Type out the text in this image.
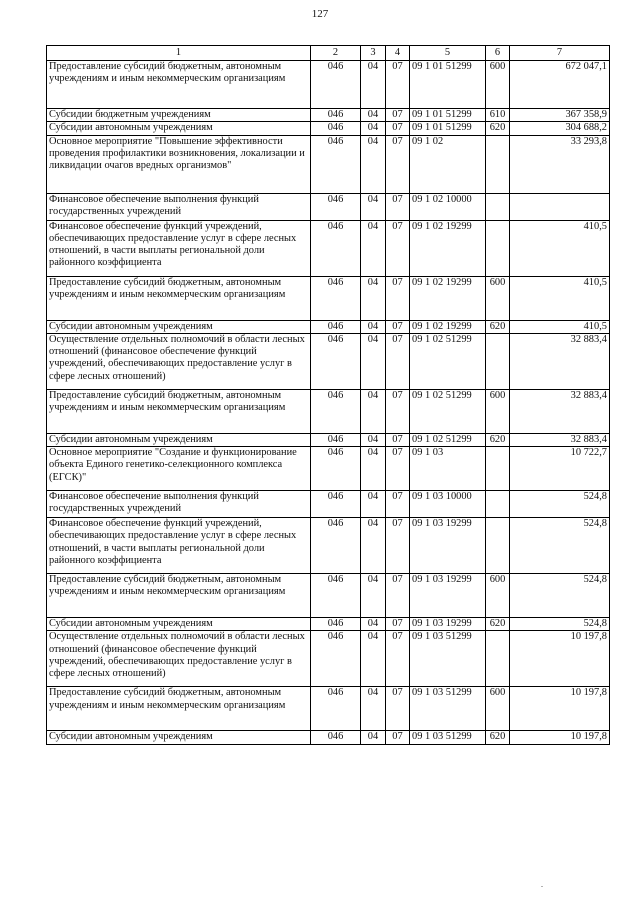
127
1	2	3	4	5	6	7
Предоставление субсидий бюджетным, автономным учреждениям и иным некоммерческим организациям	046	04	07	09 1 01 51299	600	672 047,1
Субсидии бюджетным учреждениям	046	04	07	09 1 01 51299	610	367 358,9
Субсидии автономным учреждениям	046	04	07	09 1 01 51299	620	304 688,2
Основное мероприятие "Повышение эффективности проведения профилактики возникновения, локализации и ликвидации очагов вредных организмов"	046	04	07	09 1 02		33 293,8
Финансовое обеспечение выполнения функций государственных учреждений	046	04	07	09 1 02 10000		
Финансовое обеспечение функций учреждений, обеспечивающих предоставление услуг в сфере лесных отношений, в части выплаты региональной доли районного коэффициента	046	04	07	09 1 02 19299		410,5
Предоставление субсидий бюджетным, автономным учреждениям и иным некоммерческим организациям	046	04	07	09 1 02 19299	600	410,5
Субсидии автономным учреждениям	046	04	07	09 1 02 19299	620	410,5
Осуществление отдельных полномочий в области лесных отношений (финансовое обеспечение функций учреждений, обеспечивающих предоставление услуг в сфере лесных отношений)	046	04	07	09 1 02 51299		32 883,4
Предоставление субсидий бюджетным, автономным учреждениям и иным некоммерческим организациям	046	04	07	09 1 02 51299	600	32 883,4
Субсидии автономным учреждениям	046	04	07	09 1 02 51299	620	32 883,4
Основное мероприятие "Создание и функционирование объекта Единого генетико-селекционного комплекса (ЕГСК)"	046	04	07	09 1 03		10 722,7
Финансовое обеспечение выполнения функций государственных учреждений	046	04	07	09 1 03 10000		524,8
Финансовое обеспечение функций учреждений, обеспечивающих предоставление услуг в сфере лесных отношений, в части выплаты региональной доли районного коэффициента	046	04	07	09 1 03 19299		524,8
Предоставление субсидий бюджетным, автономным учреждениям и иным некоммерческим организациям	046	04	07	09 1 03 19299	600	524,8
Субсидии автономным учреждениям	046	04	07	09 1 03 19299	620	524,8
Осуществление отдельных полномочий в области лесных отношений (финансовое обеспечение функций учреждений, обеспечивающих предоставление услуг в сфере лесных отношений)	046	04	07	09 1 03 51299		10 197,8
Предоставление субсидий бюджетным, автономным учреждениям и иным некоммерческим организациям	046	04	07	09 1 03 51299	600	10 197,8
Субсидии автономным учреждениям	046	04	07	09 1 03 51299	620	10 197,8
.
